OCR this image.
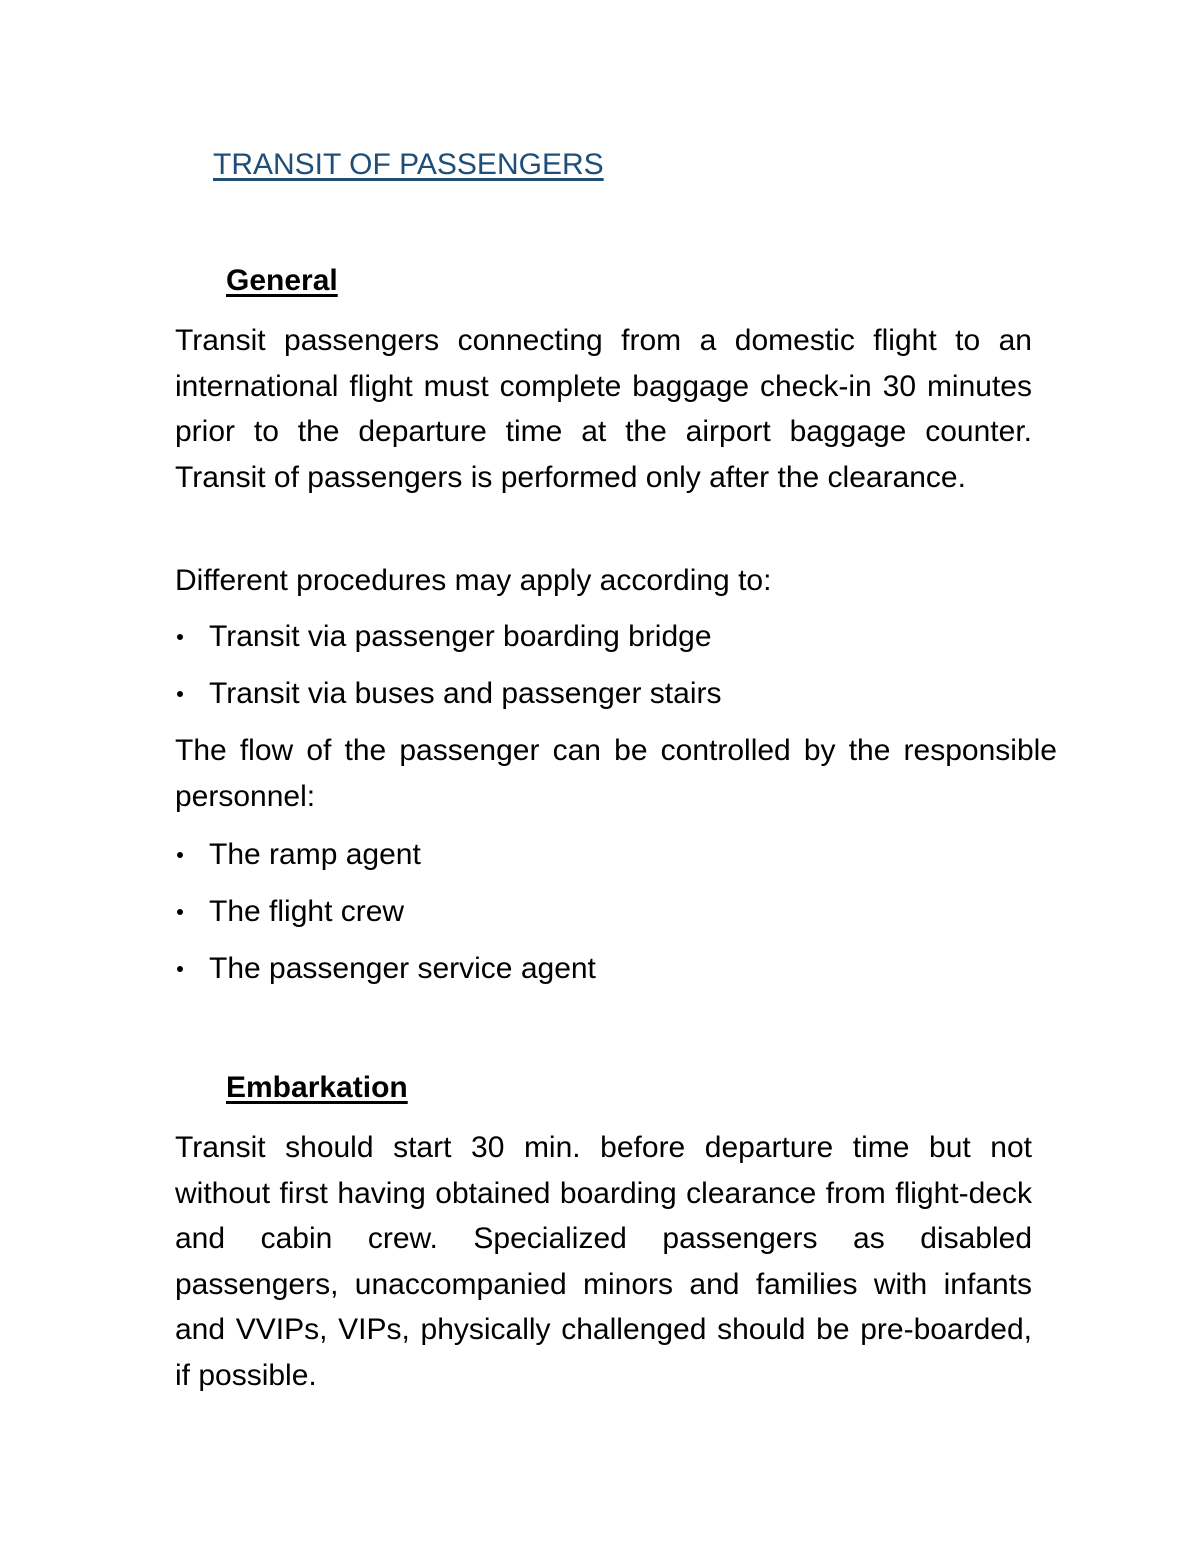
TRANSIT OF PASSENGERS
General

Transit passengers connecting from a domestic flight to an international flight must complete baggage check-in 30 minutes prior to the departure time at the airport baggage counter. Transit of passengers is performed only after the clearance.

Different procedures may apply according to:

Transit via passenger boarding bridge
Transit via buses and passenger stairs

The flow of the passenger can be controlled by the responsible personnel:

The ramp agent
The flight crew
The passenger service agent
Embarkation

Transit should start 30 min. before departure time but not without first having obtained boarding clearance from flight-deck and cabin crew. Specialized passengers as disabled passengers, unaccompanied minors and families with infants and VVIPs, VIPs, physically challenged should be pre-boarded, if possible.
